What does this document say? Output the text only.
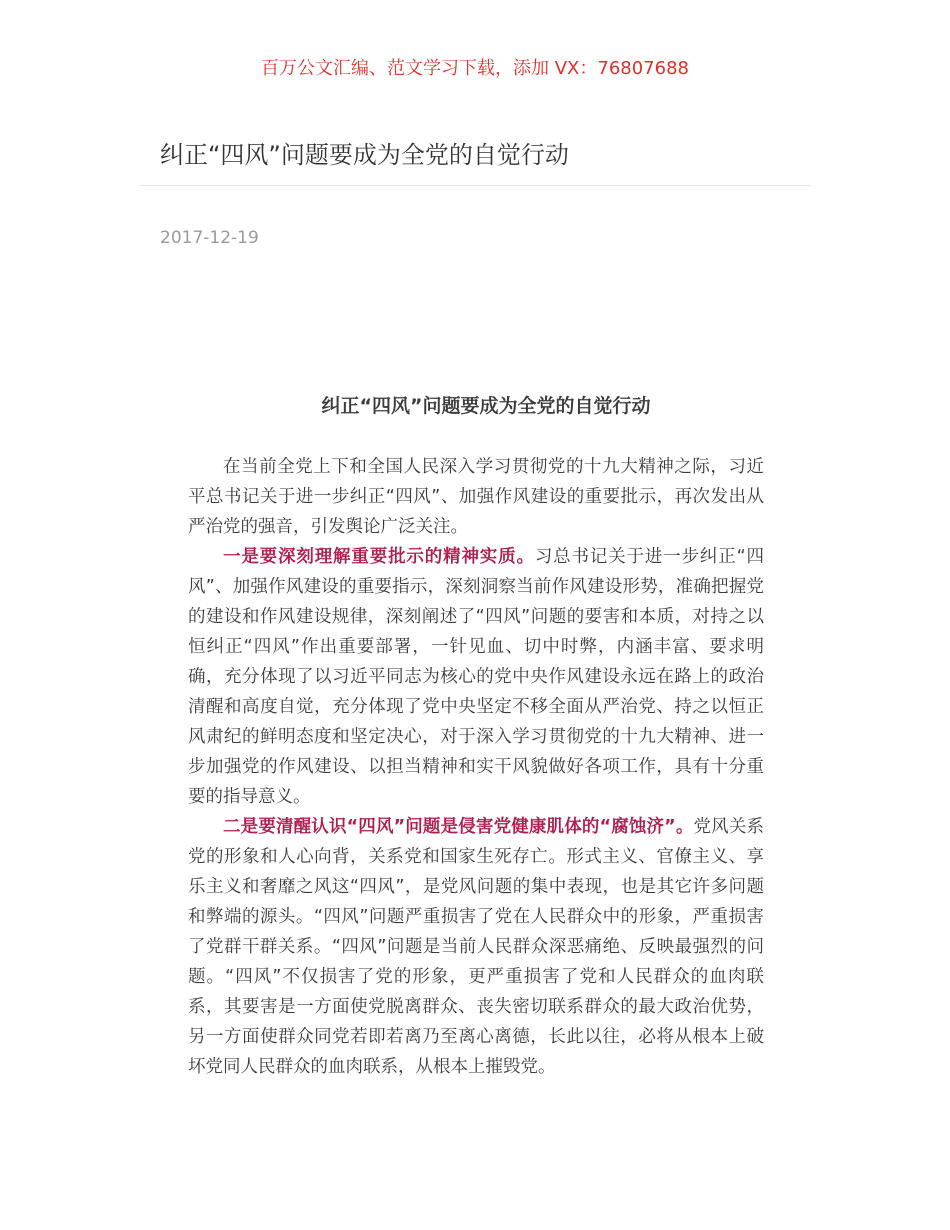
百万公文汇编、范文学习下载，添加 VX：76807688
纠正“四风”问题要成为全党的自觉行动
2017-12-19
纠正“四风”问题要成为全党的自觉行动

在当前全党上下和全国人民深入学习贯彻党的十九大精神之际，习近平总书记关于进一步纠正“四风”、加强作风建设的重要批示，再次发出从严治党的强音，引发舆论广泛关注。

一是要深刻理解重要批示的精神实质。习总书记关于进一步纠正“四风”、加强作风建设的重要指示，深刻洞察当前作风建设形势，准确把握党的建设和作风建设规律，深刻阐述了“四风”问题的要害和本质，对持之以恒纠正“四风”作出重要部署，一针见血、切中时弊，内涵丰富、要求明确，充分体现了以习近平同志为核心的党中央作风建设永远在路上的政治清醒和高度自觉，充分体现了党中央坚定不移全面从严治党、持之以恒正风肃纪的鲜明态度和坚定决心，对于深入学习贯彻党的十九大精神、进一步加强党的作风建设、以担当精神和实干风貌做好各项工作，具有十分重要的指导意义。

二是要清醒认识“四风”问题是侵害党健康肌体的“腐蚀济”。党风关系党的形象和人心向背，关系党和国家生死存亡。形式主义、官僚主义、享乐主义和奢靡之风这“四风”，是党风问题的集中表现，也是其它许多问题和弊端的源头。“四风”问题严重损害了党在人民群众中的形象，严重损害了党群干群关系。“四风”问题是当前人民群众深恶痛绝、反映最强烈的问题。“四风”不仅损害了党的形象，更严重损害了党和人民群众的血肉联系，其要害是一方面使党脱离群众、丧失密切联系群众的最大政治优势，另一方面使群众同党若即若离乃至离心离德，长此以往，必将从根本上破坏党同人民群众的血肉联系，从根本上摧毁党。
